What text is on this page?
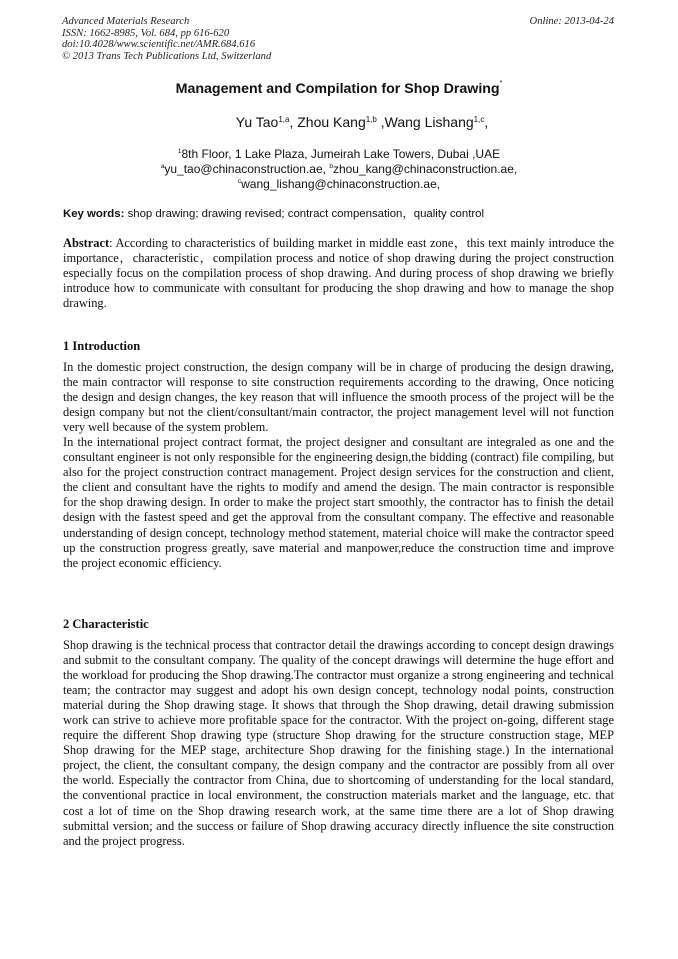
Advanced Materials Research
ISSN: 1662-8985, Vol. 684, pp 616-620
doi:10.4028/www.scientific.net/AMR.684.616
© 2013 Trans Tech Publications Ltd, Switzerland
Online: 2013-04-24
Management and Compilation for Shop Drawing*
Yu Tao$^{1,a}$, Zhou Kang$^{1,b}$ ,Wang Lishang$^{1,c}$,
$^1$8th Floor, 1 Lake Plaza, Jumeirah Lake Towers, Dubai ,UAE
$^a$yu_tao@chinaconstruction.ae, $^b$zhou_kang@chinaconstruction.ae,
$^c$wang_lishang@chinaconstruction.ae,
Key words: shop drawing; drawing revised; contract compensation，quality control

Abstract: According to characteristics of building market in middle east zone，this text mainly introduce the importance，characteristic，compilation process and notice of shop drawing during the project construction especially focus on the compilation process of shop drawing. And during process of shop drawing we briefly introduce how to communicate with consultant for producing the shop drawing and how to manage the shop drawing.

1 Introduction

In the domestic project construction, the design company will be in charge of producing the design drawing, the main contractor will response to site construction requirements according to the drawing, Once noticing the design and design changes, the key reason that will influence the smooth process of the project will be the design company but not the client/consultant/main contractor, the project management level will not function very well because of the system problem.

In the international project contract format, the project designer and consultant are integraled as one and the consultant engineer is not only responsible for the engineering design,the bidding (contract) file compiling, but also for the project construction contract management. Project design services for the construction and client, the client and consultant have the rights to modify and amend the design. The main contractor is responsible for the shop drawing design. In order to make the project start smoothly, the contractor has to finish the detail design with the fastest speed and get the approval from the consultant company. The effective and reasonable understanding of design concept, technology method statement, material choice will make the contractor speed up the construction progress greatly, save material and manpower,reduce the construction time and improve the project economic efficiency.

2 Characteristic

Shop drawing is the technical process that contractor detail the drawings according to concept design drawings and submit to the consultant company. The quality of the concept drawings will determine the huge effort and the workload for producing the Shop drawing.The contractor must organize a strong engineering and technical team; the contractor may suggest and adopt his own design concept, technology nodal points, construction material during the Shop drawing stage. It shows that through the Shop drawing, detail drawing submission work can strive to achieve more profitable space for the contractor. With the project on-going, different stage require the different Shop drawing type (structure Shop drawing for the structure construction stage, MEP Shop drawing for the MEP stage, architecture Shop drawing for the finishing stage.) In the international project, the client, the consultant company, the design company and the contractor are possibly from all over the world. Especially the contractor from China, due to shortcoming of understanding for the local standard, the conventional practice in local environment, the construction materials market and the language, etc. that cost a lot of time on the Shop drawing research work, at the same time there are a lot of Shop drawing submittal version; and the success or failure of Shop drawing accuracy directly influence the site construction and the project progress.
